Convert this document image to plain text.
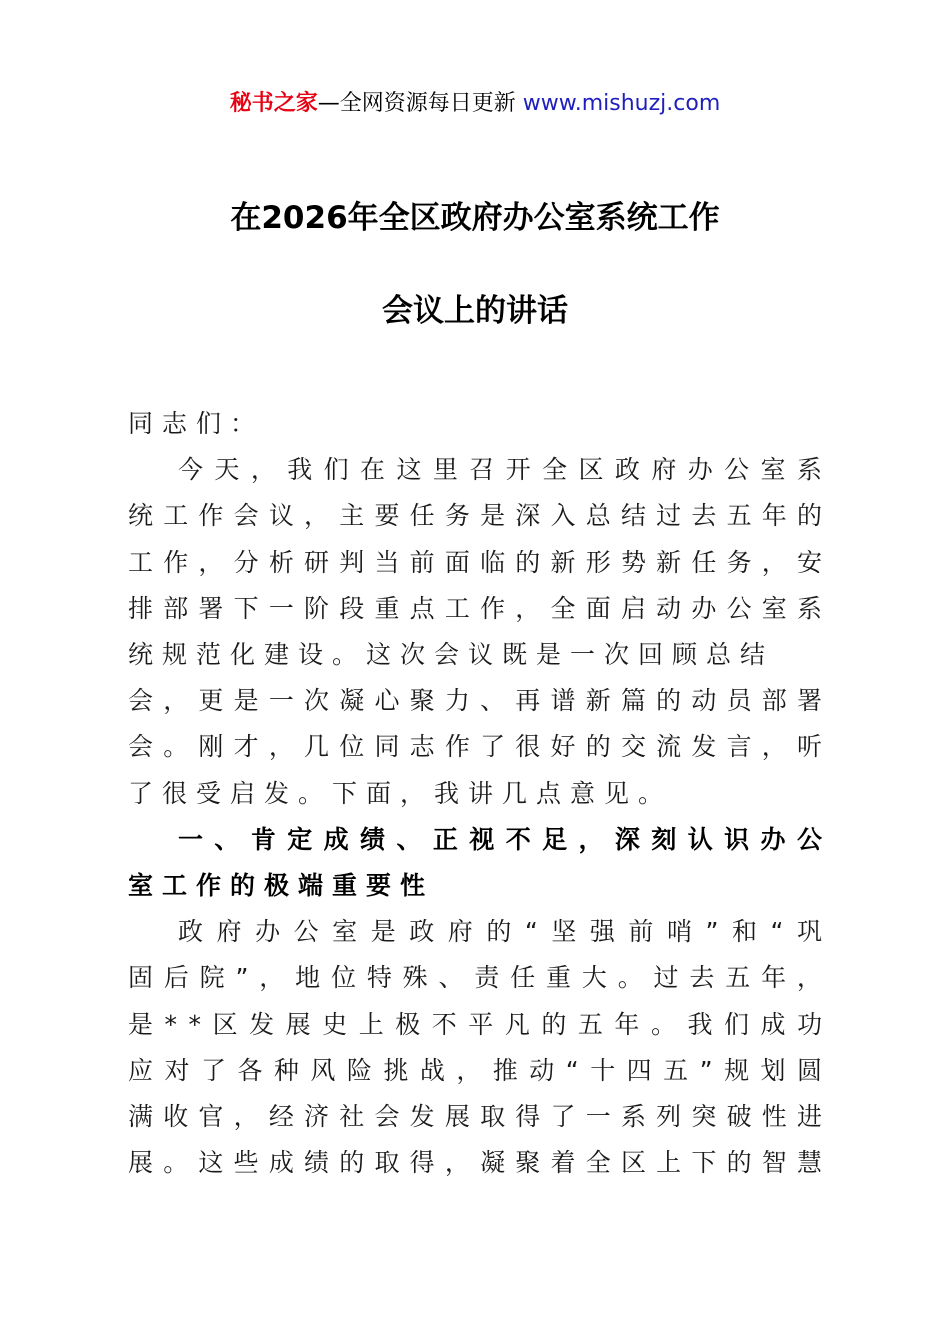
秘书之家—全网资源每日更新 www.mishuzj.com
在2026年全区政府办公室系统工作
会议上的讲话
同志们：
今天，我们在这里召开全区政府办公室系
统工作会议，主要任务是深入总结过去五年的
工作，分析研判当前面临的新形势新任务，安
排部署下一阶段重点工作，全面启动办公室系
统规范化建设。这次会议既是一次回顾总结
会，更是一次凝心聚力、再谱新篇的动员部署
会。刚才，几位同志作了很好的交流发言，听
了很受启发。下面，我讲几点意见。
一、肯定成绩、正视不足，深刻认识办公
室工作的极端重要性
政府办公室是政府的“坚强前哨”和“巩
固后院”，地位特殊、责任重大。过去五年，
是**区发展史上极不平凡的五年。我们成功
应对了各种风险挑战，推动“十四五”规划圆
满收官，经济社会发展取得了一系列突破性进
展。这些成绩的取得，凝聚着全区上下的智慧
